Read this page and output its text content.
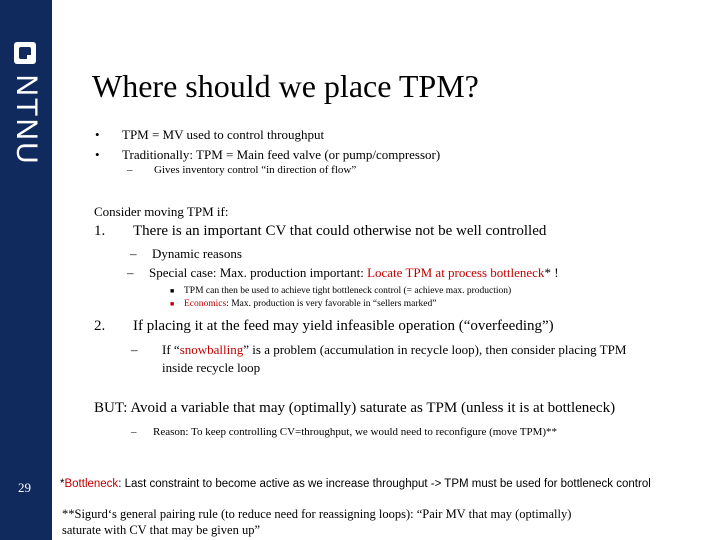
NTNU
29
Where should we place TPM?
•	TPM = MV used to control throughput
•	Traditionally: TPM = Main feed valve (or pump/compressor)
– Gives inventory control “in direction of flow”
Consider moving TPM if:
1. There is an important CV that could otherwise not be well controlled
– Dynamic reasons
– Special case: Max. production important: Locate TPM at process bottleneck* !
■ TPM can then be used to achieve tight bottleneck control (= achieve max. production)
■ Economics: Max. production is very favorable in “sellers marked”
2. If placing it at the feed may yield infeasible operation (“overfeeding”)
– If “snowballing” is a problem (accumulation in recycle loop), then consider placing TPM
inside recycle loop
BUT: Avoid a variable that may (optimally) saturate as TPM (unless it is at bottleneck)
– Reason: To keep controlling CV=throughput, we would need to reconfigure (move TPM)**
*Bottleneck: Last constraint to become active as we increase throughput -> TPM must be used for bottleneck control
**Sigurd‘s general pairing rule (to reduce need for reassigning loops): “Pair MV that may (optimally)
saturate with CV that may be given up”
